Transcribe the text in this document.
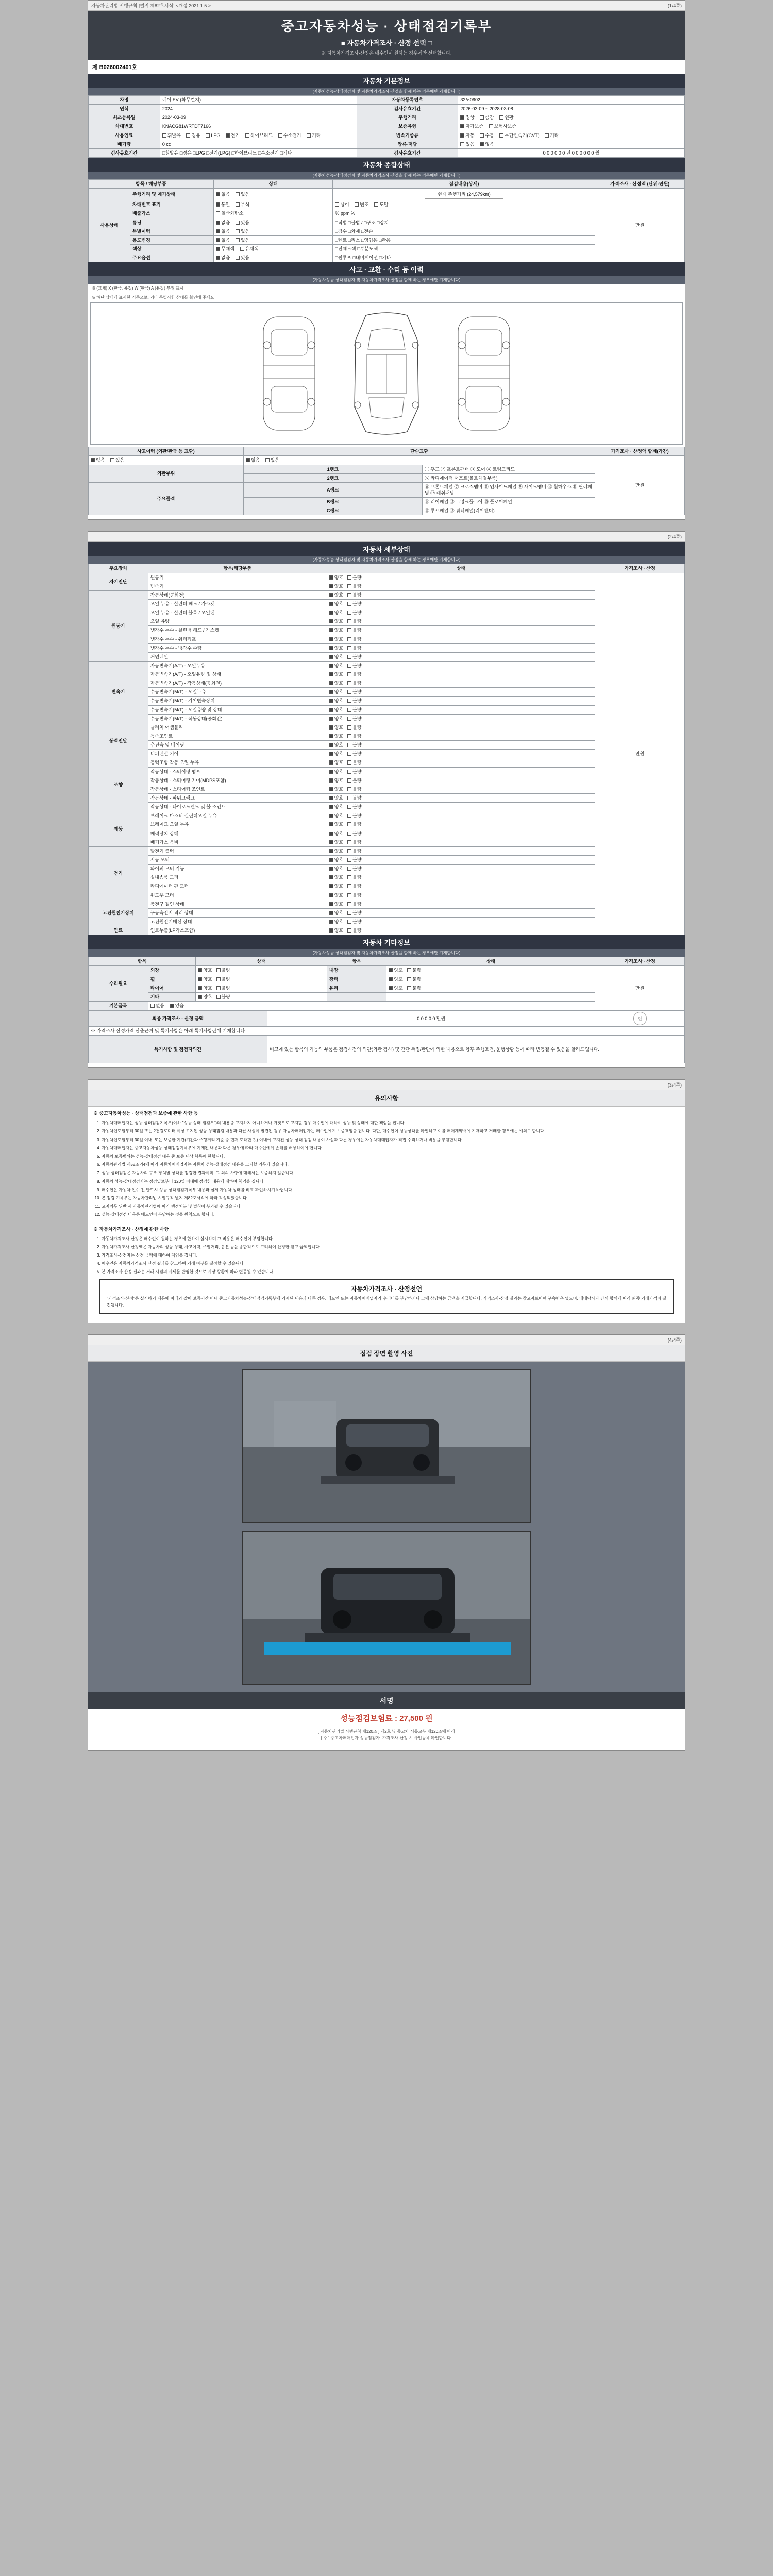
자동차관리법 시행규칙 [별지 제82호서식] <개정 2021.1.5.>	(1/4쪽)
중고자동차성능 · 상태점검기록부
■ 자동차가격조사 · 산정 선택 □
※ 자동차가격조사·산정은 매수인이 원하는 경우에만 선택합니다.
제 B026002401호
자동차 기본정보
(자동차성능·상태점검자 및 자동차가격조사·산정을 함께 하는 경우에만 기재합니다)
차명	레이 EV (화무컬쳐)	자동차등록번호	32도0902
연식	2024	검사유효기간	2026-03-09 ~ 2028-03-08
최초등록일	2024-03-09	주행거리	정상 증감 현황
차대번호	KNACG81WRTDT7166	보증유형	자가보증 보험사보증
사용연료	휘발유 경유 LPG 전기 하이브리드 수소전기 기타	변속기종류	자동 수동 무단변속기(CVT) 기타
배기량	0 cc	압류·저당	있음 없음
검사유효기간	□휘발유 □경유 □LPG □전기(LPG) □하이브리드 □수소전기 □기타	검사유효기간	0 0 0 0 0 0 년 0 0 0 0 0 0 월
자동차 종합상태
(자동차성능·상태점검자 및 자동차가격조사·산정을 함께 하는 경우에만 기재합니다)
항목 / 해당부품		상태	점검내용(상세)	가격조사 · 산정액 (단위:만원)
사용상태	주행거리 및 계기상태	없음 있음	현재 주행거리 (24,579km)	만원
	차대번호 표기	동일 부식	상이 변조 도말	
	배출가스	일산화탄소	% ppm %	
	튜닝	없음 있음	□적법 □불법 / □구조 □장치	
	특별이력	없음 있음	□침수 □화재 □전손	
	용도변경	없음 있음	□렌트 □리스 □영업용 □관용	
	색상	무채색 유채색	□전체도색 □부분도색	
	주요옵션	없음 있음	□썬루프 □내비게이션 □기타	
사고 · 교환 · 수리 등 이력
(자동차성능·상태점검자 및 자동차가격조사·산정을 함께 하는 경우에만 기재합니다)
※ (교체) X (판금, 용접) W (판금) A (용접) 부위 표시
※ 하단 상태에 표시한 기준으로, 기타 특별사항 상태를 확인해 주세요
사고이력 (외판/판금 등 교환)	단순교환		가격조사 · 산정액 합계(가감)
없음 있음	없음 있음		만원
외판부위	1랭크	① 후드 ② 프론트팬더 ③ 도어 ④ 트렁크리드	
	2랭크	⑤ 라디에이터 서포트(볼트체결부품)	
주요골격	A랭크	⑥ 프론트패널 ⑦ 크로스멤버 ⑧ 인사이드패널 ⑨ 사이드멤버 ⑩ 휠하우스 ⑪ 필러패널 ⑫ 대쉬패널	
	B랭크	⑬ 리어패널 ⑭ 트렁크플로어 ⑮ 플로어패널	
	C랭크	⑯ 루프패널 ⑰ 쿼터패널(리어펜더)	

(2/4쪽)
자동차 세부상태
(자동차성능·상태점검자 및 자동차가격조사·산정을 함께 하는 경우에만 기재합니다)
주요장치	항목/해당부품	상태	가격조사 · 산정
자기진단	원동기	양호 불량	만원
	변속기	양호 불량	
원동기	작동상태(공회전)	양호 불량	
	오일 누유 - 실린더 헤드 / 가스켓	양호 불량	
	오일 누유 - 실린더 블록 / 오일팬	양호 불량	
	오일 유량	양호 불량	
	냉각수 누수 - 실린더 헤드 / 가스켓	양호 불량	
	냉각수 누수 - 워터펌프	양호 불량	
	냉각수 누수 - 냉각수 수량	양호 불량	
	커먼레일	양호 불량	
변속기	자동변속기(A/T) - 오일누유	양호 불량	
	자동변속기(A/T) - 오일유량 및 상태	양호 불량	
	자동변속기(A/T) - 작동상태(공회전)	양호 불량	
	수동변속기(M/T) - 오일누유	양호 불량	
	수동변속기(M/T) - 기어변속장치	양호 불량	
	수동변속기(M/T) - 오일유량 및 상태	양호 불량	
	수동변속기(M/T) - 작동상태(공회전)	양호 불량	
동력전달	클러치 어셈블리	양호 불량	
	등속조인트	양호 불량	
	추진축 및 베어링	양호 불량	
	디퍼렌셜 기어	양호 불량	
조향	동력조향 작동 오일 누유	양호 불량	
	작동상태 - 스티어링 펌프	양호 불량	
	작동상태 - 스티어링 기어(MDPS포함)	양호 불량	
	작동상태 - 스티어링 조인트	양호 불량	
	작동상태 - 파워크랭크	양호 불량	
	작동상태 - 타이로드엔드 및 볼 조인트	양호 불량	
제동	브레이크 마스터 실린더오일 누유	양호 불량	
	브레이크 오일 누유	양호 불량	
	배력장치 상태	양호 불량	
	배기가스 붐비	양호 불량	
전기	발전기 출력	양호 불량	
	시동 모터	양호 불량	
	와이퍼 모터 기능	양호 불량	
	실내송풍 모터	양호 불량	
	라디에이터 팬 모터	양호 불량	
	윈도우 모터	양호 불량	
고전원전기장치	충전구 절연 상태	양호 불량	
	구동축전지 격리 상태	양호 불량	
	고전원전기배선 상태	양호 불량	
연료	연료누출(LP가스포함)	양호 불량	
자동차 기타정보
(자동차성능·상태점검자 및 자동차가격조사·산정을 함께 하는 경우에만 기재합니다)
항목		상태	항목	상태	가격조사 · 산정
수리필요	외장	양호 불량	내장	양호 불량	만원
	휠	양호 불량	광택	양호 불량	
	타이어	양호 불량	유리	양호 불량	
	기타	양호 불량			
기본품목	없음 있음				
최종 가격조사 · 산정 금액	0 0 0 0 0 만원	인
※ 가격조사·산정가격 산출근거 및 특기사항은 아래 특기사항란에 기재합니다.		
특기사항 및 점검자의견	비고에 있는 항목의 기능의 부품은 점검시점의 외관(외관 검사) 및 간단 측정/판단에 의한 내용으로 향후 주행조건, 운행상황 등에 따라 변동될 수 있음을 알려드립니다.	

(3/4쪽)
유의사항
※ 중고자동차성능 · 상태점검과 보증에 관한 사항 등
1. 자동차매매업자는 성능·상태점검기록부(이하 "성능·상태 점검부")의 내용을 고지하지 아니하거나 거짓으로 고지할 경우 매수인에 대하여 성능 및 상태에 대한 책임을 집니다.
2. 자동차인도일부터 30일 또는 2천킬로미터 이상 고지된 성능·상태점검 내용과 다른 사실이 발견된 경우 자동차매매업자는 매수인에게 보증책임을 집니다. 다만, 매수인이 성능상태를 확인하고 이를 매매계약서에 기재하고 거래한 경우에는 예외로 합니다.
3. 자동차인도일부터 30일 이내, 또는 보증한 기간(기간과 주행거리 기준 중 먼저 도래한 것) 이내에 고지된 성능·상태 점검 내용이 사실과 다른 경우에는 자동차매매업자가 직접 수리하거나 비용을 부담합니다.
4. 자동차매매업자는 중고자동차성능·상태점검기록부에 기재된 내용과 다른 경우에 따라 매수인에게 손해를 배상하여야 합니다.
5. 자동차 보증범위는 성능·상태점검 내용 중 보증 대상 항목에 한합니다.
6. 자동차관리법 제58조의4에 따라 자동차매매업자는 자동차 성능·상태점검 내용을 고지할 의무가 있습니다.
7. 성능·상태점검은 자동차의 구조·장치별 상태를 점검한 결과이며, 그 외의 사항에 대해서는 보증하지 않습니다.
8. 자동차 성능·상태점검자는 점검일로부터 120일 이내에 점검한 내용에 대하여 책임을 집니다.
9. 매수인은 자동차 인수 전 반드시 성능·상태점검기록부 내용과 실제 자동차 상태를 비교·확인하시기 바랍니다.
10. 본 점검 기록부는 자동차관리법 시행규칙 별지 제82호서식에 따라 작성되었습니다.
11. 고지의무 위반 시 자동차관리법에 따라 행정처분 및 벌칙이 부과될 수 있습니다.
12. 성능·상태점검 비용은 매도인이 부담하는 것을 원칙으로 합니다.
※ 자동차가격조사 · 산정에 관한 사항
1. 자동차가격조사·산정은 매수인이 원하는 경우에 한하여 실시하며 그 비용은 매수인이 부담합니다.
2. 자동차가격조사·산정액은 자동차의 성능·상태, 사고이력, 주행거리, 옵션 등을 종합적으로 고려하여 산정한 참고 금액입니다.
3. 가격조사·산정자는 산정 금액에 대하여 책임을 집니다.
4. 매수인은 자동차가격조사·산정 결과를 참고하여 거래 여부를 결정할 수 있습니다.
5. 본 가격조사·산정 결과는 거래 시점의 시세를 반영한 것으로 시장 상황에 따라 변동될 수 있습니다.
자동차가격조사 · 산정선언
"가격조사·산정"은 실시하기 때문에 아래와 같이 보증기간 이내 중고자동차성능·상태점검기록부에 기재된 내용과 다른 경우, 매도인 또는 자동차매매업자가 수리비를 부담하거나 그에 상당하는 금액을 지급합니다. 가격조사·산정 결과는 참고자료이며 구속력은 없으며, 매매당사자 간의 합의에 따라 최종 거래가격이 결정됩니다.

(4/4쪽)
점검 장면 촬영 사진
서명
성능점검보험료 : 27,500 원
[ 자동차관리법 시행규칙 제120조 ] 제2호 및 중고차 서류교부 제120조에 따라
[ 주 ] 중고차매매업자·성능점검자 ·가격조사·산정 시 사업등록 확인합니다.
